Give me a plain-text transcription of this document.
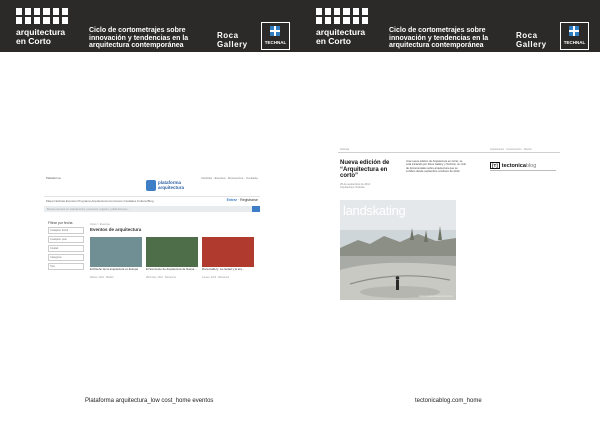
arquitectura
en Corto
Ciclo de cortometrajes sobre
innovación y tendencias en la
arquitectura contemporánea
Roca
Gallery	TECHNAL
arquitectura
en Corto
Ciclo de cortometrajes sobre
innovación y tendencias en la
arquitectura contemporánea
Roca
Gallery	TECHNAL
Plataforma	Noticias · Eventos · Encuentros · Contacto
plataforma
arquitectura
Mapa Noticias Eventos Programa Arquitectura Concursos Ciudades Cultura Blog	Entrar · Registrarse
Busca eventos en Arquitectura, personas, lugares, publicaciones, ...
Filtrar por fecha
Cualquier fecha
Cualquier país
Ciudad
Categoría
Tipo
Inicio > Eventos
Eventos de arquitectura
El Diseño de la arquitectura en Europa
Martes, 2012 · Madrid
El Seminario de Arquitectura de Nueva...
Miércoles, 2012 · Barcelona
Roca Gallery: La ciudad y la arq...
Jueves, 2012 · Barcelona
Noticias	Arquitectura · Construcción · Diseño
Nueva edición de “Arquitectura en corto”
25 de septiembre de 2012
Arquitectura, Noticias
Una nueva edición de Arquitectura en Corto, se está iniciando por Roca Gallery y Technal, un ciclo de documentales sobre arquitectura que se exhiben desde septiembre a febrero de 2012.
[T] tectonicablog
landskating
www.arquitecturaencorto.com
Plataforma arquitectura_low cost_home eventos	tectonicablog.com_home
